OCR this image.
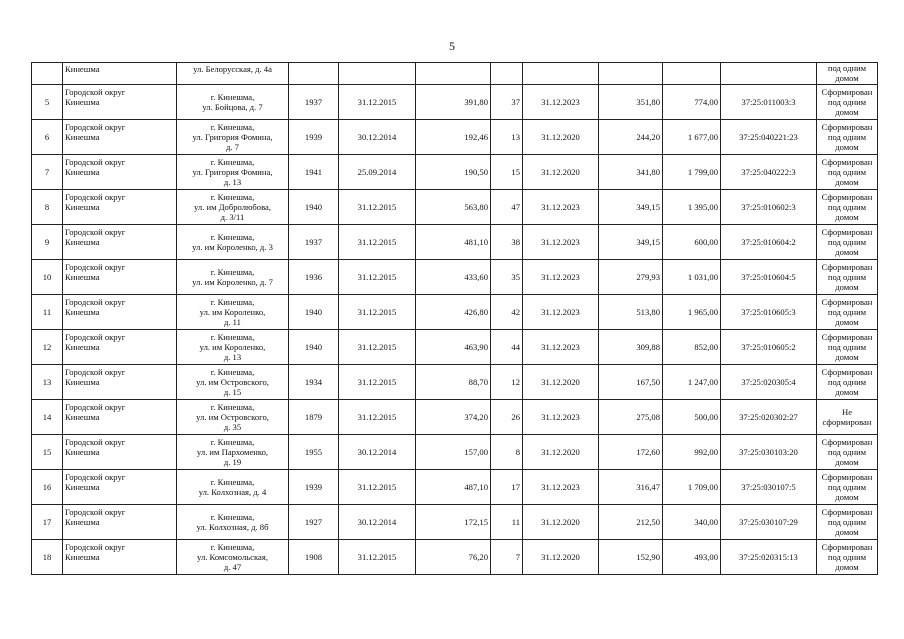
5

	Кинешма	ул. Белорусская, д. 4а									под одним
домом

5	Городской округ
Кинешма	г. Кинешма,
ул. Бойцова, д. 7	1937	31.12.2015	391,80	37	31.12.2023	351,80	774,00	37:25:011003:3	Сформирован
под одним
домом

6	Городской округ
Кинешма	г. Кинешма,
ул. Григория Фомина,
д. 7	1939	30.12.2014	192,46	13	31.12.2020	244,20	1 677,00	37:25:040221:23	Сформирован
под одним
домом

7	Городской округ
Кинешма	г. Кинешма,
ул. Григория Фомина,
д. 13	1941	25.09.2014	190,50	15	31.12.2020	341,80	1 799,00	37:25:040222:3	Сформирован
под одним
домом

8	Городской округ
Кинешма	г. Кинешма,
ул. им Добролюбова,
д. 3/11	1940	31.12.2015	563,80	47	31.12.2023	349,15	1 395,00	37:25:010602:3	Сформирован
под одним
домом

9	Городской округ
Кинешма	г. Кинешма,
ул. им Короленко, д. 3	1937	31.12.2015	481,10	38	31.12.2023	349,15	600,00	37:25:010604:2	Сформирован
под одним
домом

10	Городской округ
Кинешма	г. Кинешма,
ул. им Короленко, д. 7	1936	31.12.2015	433,60	35	31.12.2023	279,93	1 031,00	37:25:010604:5	Сформирован
под одним
домом

11	Городской округ
Кинешма	г. Кинешма,
ул. им Короленко,
д. 11	1940	31.12.2015	426,80	42	31.12.2023	513,80	1 965,00	37:25:010605:3	Сформирован
под одним
домом

12	Городской округ
Кинешма	г. Кинешма,
ул. им Короленко,
д. 13	1940	31.12.2015	463,90	44	31.12.2023	309,88	852,00	37:25:010605:2	Сформирован
под одним
домом

13	Городской округ
Кинешма	г. Кинешма,
ул. им Островского,
д. 15	1934	31.12.2015	88,70	12	31.12.2020	167,50	1 247,00	37:25:020305:4	Сформирован
под одним
домом

14	Городской округ
Кинешма	г. Кинешма,
ул. им Островского,
д. 35	1879	31.12.2015	374,20	26	31.12.2023	275,08	500,00	37:25:020302:27	Не
сформирован

15	Городской округ
Кинешма	г. Кинешма,
ул. им Пархоменко,
д. 19	1955	30.12.2014	157,00	8	31.12.2020	172,60	992,00	37:25:030103:20	Сформирован
под одним
домом

16	Городской округ
Кинешма	г. Кинешма,
ул. Колхозная, д. 4	1939	31.12.2015	487,10	17	31.12.2023	316,47	1 709,00	37:25:030107:5	Сформирован
под одним
домом

17	Городской округ
Кинешма	г. Кинешма,
ул. Колхозная, д. 8б	1927	30.12.2014	172,15	11	31.12.2020	212,50	340,00	37:25:030107:29	Сформирован
под одним
домом

18	Городской округ
Кинешма	г. Кинешма,
ул. Комсомольская,
д. 47	1908	31.12.2015	76,20	7	31.12.2020	152,90	493,00	37:25:020315:13	Сформирован
под одним
домом
